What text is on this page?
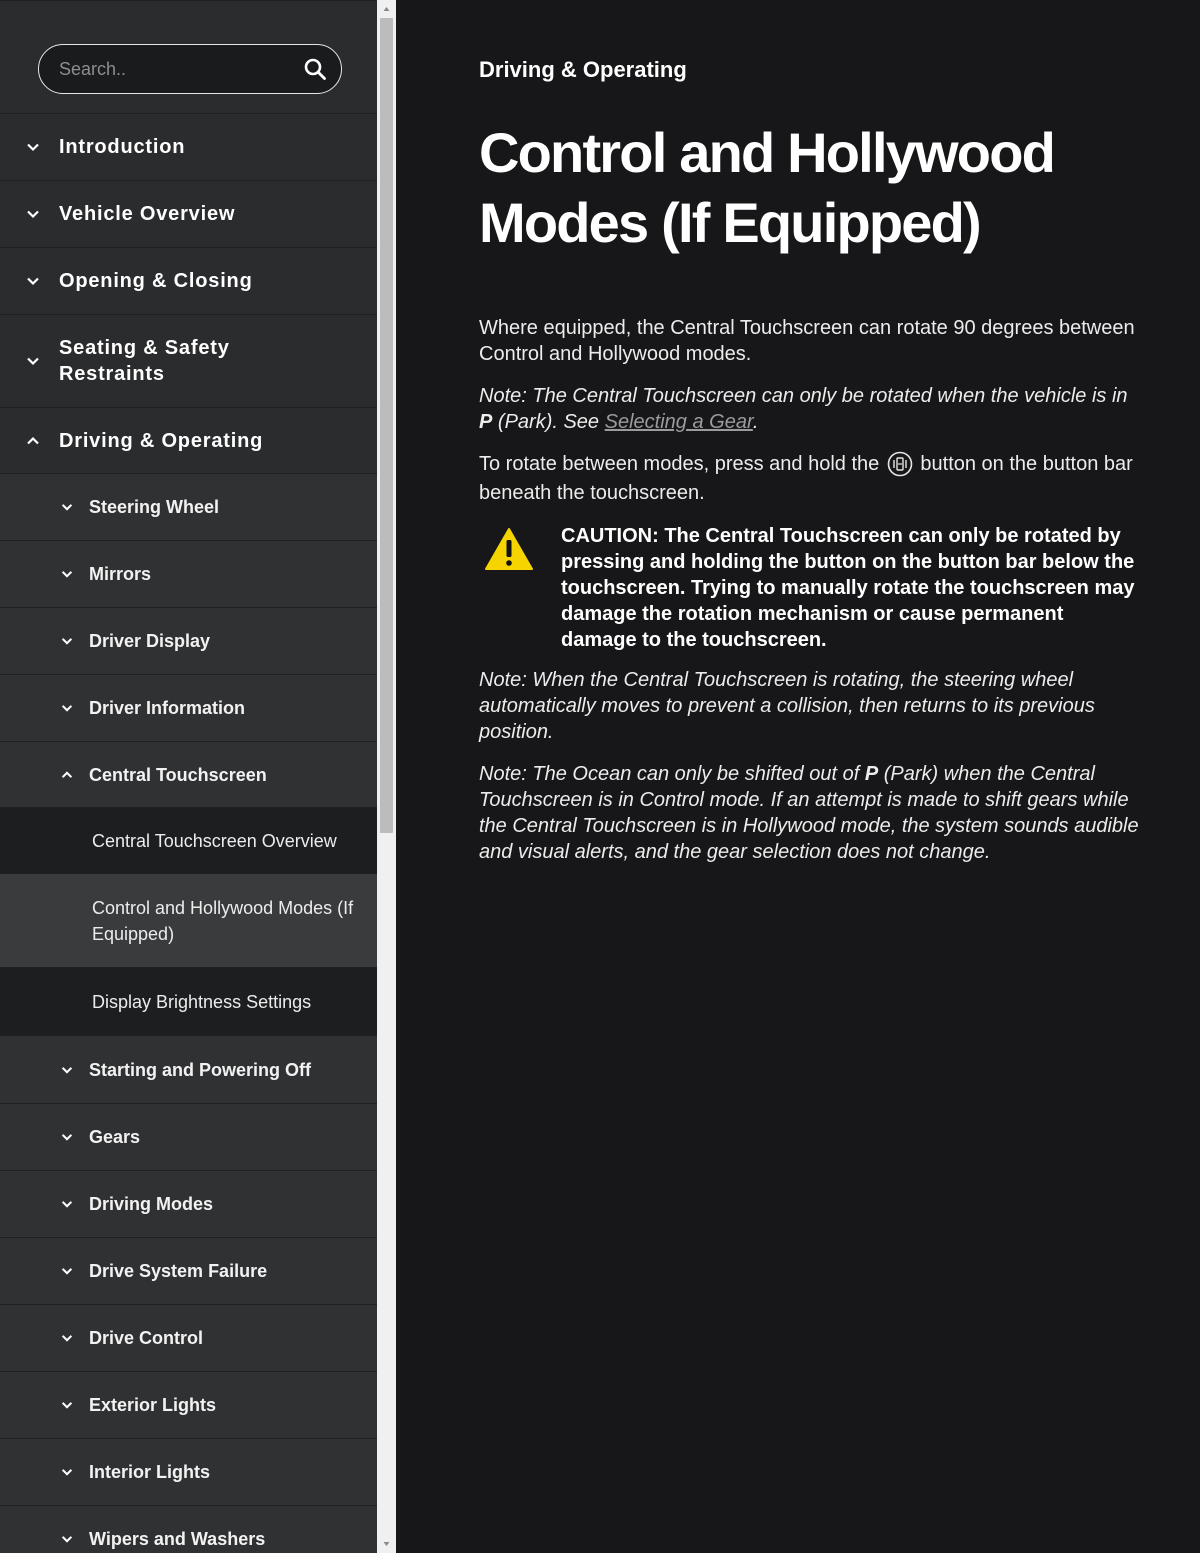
Search..
Introduction
Vehicle Overview
Opening & Closing
Seating & Safety Restraints
Driving & Operating
Steering Wheel
Mirrors
Driver Display
Driver Information
Central Touchscreen
Central Touchscreen Overview
Control and Hollywood Modes (If Equipped)
Display Brightness Settings
Starting and Powering Off
Gears
Driving Modes
Drive System Failure
Drive Control
Exterior Lights
Interior Lights
Wipers and Washers
Driving & Operating
Control and Hollywood Modes (If Equipped)

Where equipped, the Central Touchscreen can rotate 90 degrees between Control and Hollywood modes.

Note: The Central Touchscreen can only be rotated when the vehicle is in P (Park). See Selecting a Gear.

To rotate between modes, press and hold the button on the button bar beneath the touchscreen.

CAUTION: The Central Touchscreen can only be rotated by pressing and holding the button on the button bar below the touchscreen. Trying to manually rotate the touchscreen may damage the rotation mechanism or cause permanent damage to the touchscreen.

Note: When the Central Touchscreen is rotating, the steering wheel automatically moves to prevent a collision, then returns to its previous position.

Note: The Ocean can only be shifted out of P (Park) when the Central Touchscreen is in Control mode. If an attempt is made to shift gears while the Central Touchscreen is in Hollywood mode, the system sounds audible and visual alerts, and the gear selection does not change.
